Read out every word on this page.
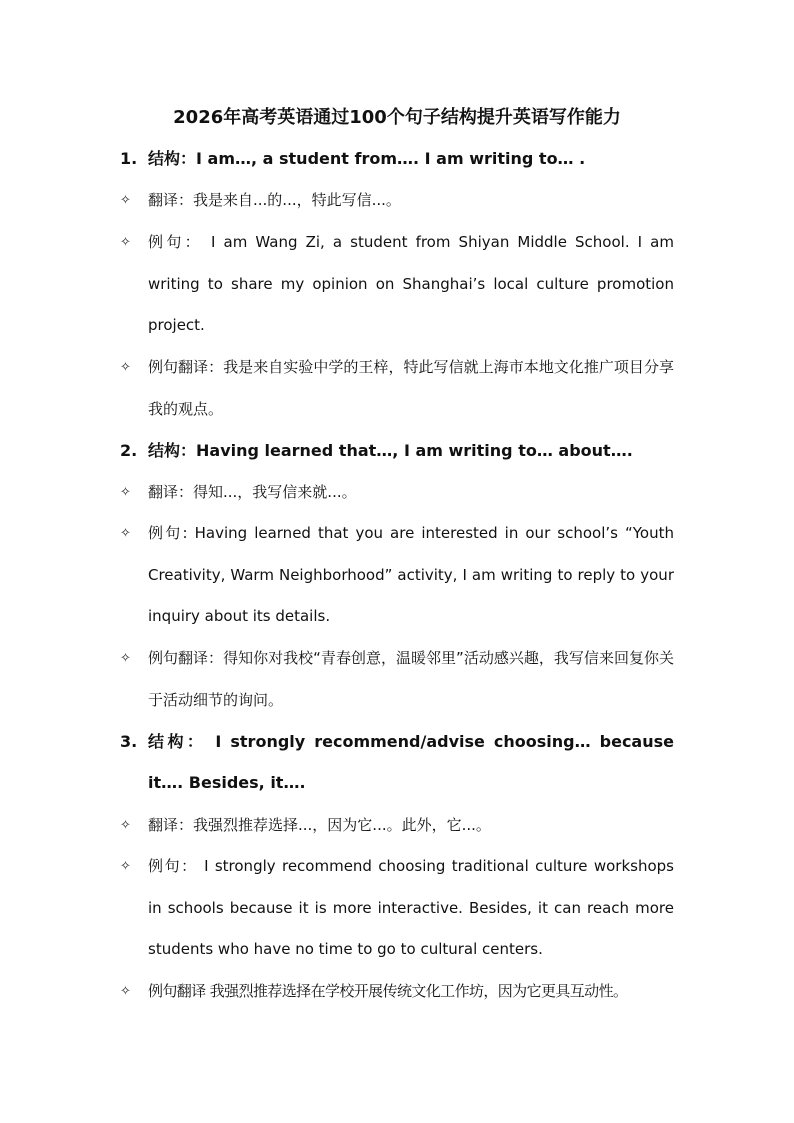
2026年高考英语通过100个句子结构提升英语写作能力
1. 结构：I am…, a student from…. I am writing to… .
✧	翻译：我是来自...的...，特此写信...。
✧	例句： I am Wang Zi, a student from Shiyan Middle School. I am writing to share my opinion on Shanghai’s local culture promotion project.
✧	例句翻译：我是来自实验中学的王梓，特此写信就上海市本地文化推广项目分享我的观点。
2. 结构：Having learned that…, I am writing to… about….
✧	翻译：得知...，我写信来就...。
✧	例句: Having learned that you are interested in our school’s “Youth Creativity, Warm Neighborhood” activity, I am writing to reply to your inquiry about its details.
✧	例句翻译：得知你对我校“青春创意，温暖邻里”活动感兴趣，我写信来回复你关于活动细节的询问。
3. 结构： I strongly recommend/advise choosing… because it…. Besides, it….
✧	翻译：我强烈推荐选择...，因为它...。此外，它...。
✧	例句： I strongly recommend choosing traditional culture workshops in schools because it is more interactive. Besides, it can reach more students who have no time to go to cultural centers.
✧	例句翻译 我强烈推荐选择在学校开展传统文化工作坊，因为它更具互动性。
